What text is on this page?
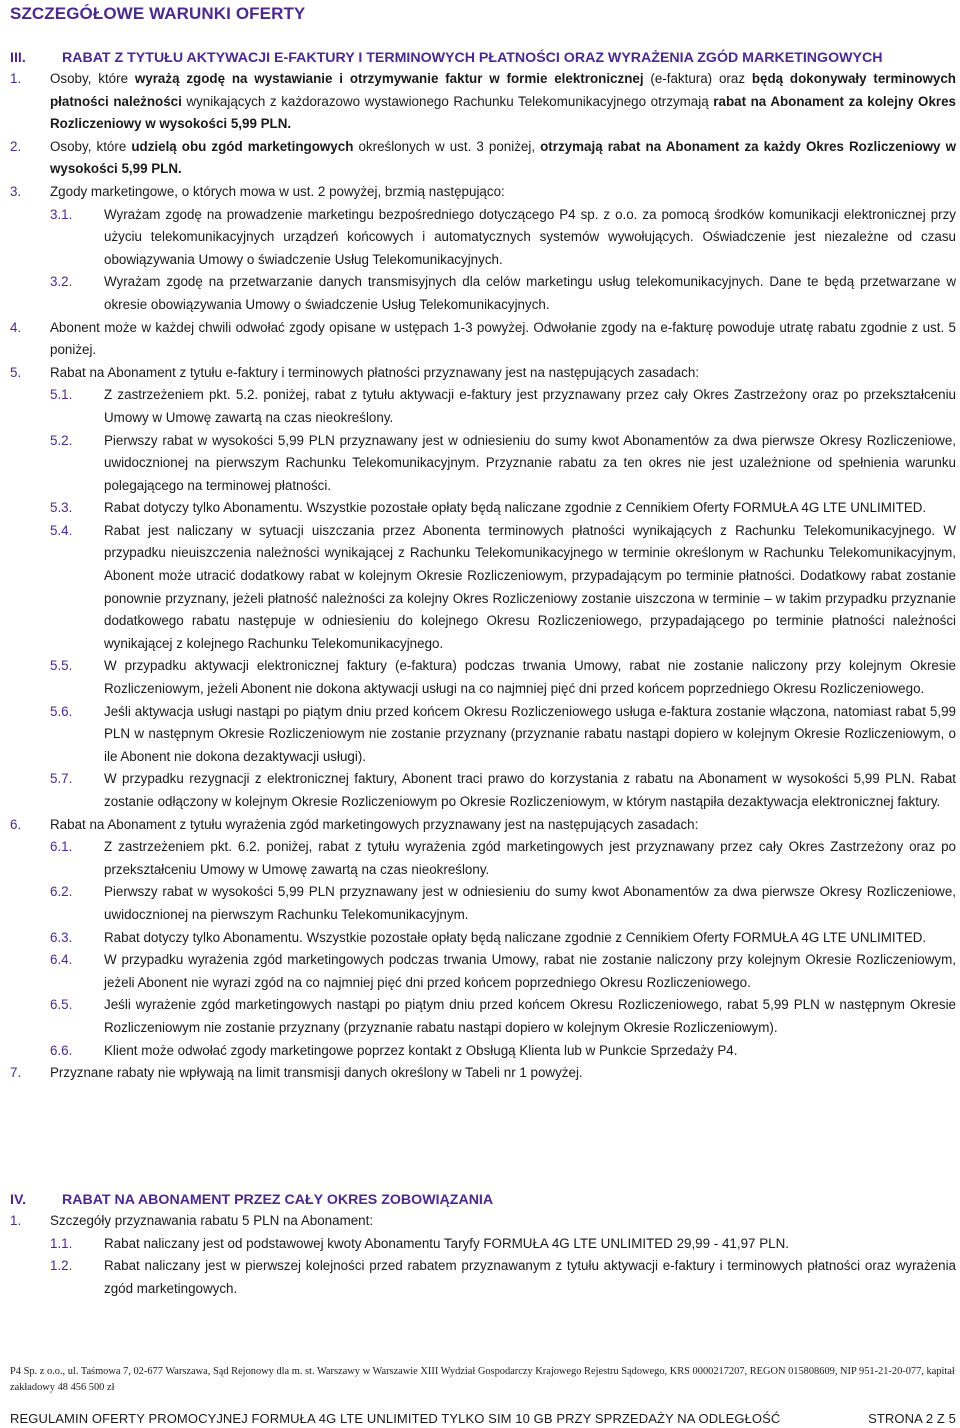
SZCZEGÓŁOWE WARUNKI OFERTY
III.	RABAT Z TYTUŁU AKTYWACJI E-FAKTURY I TERMINOWYCH PŁATNOŚCI ORAZ WYRAŻENIA ZGÓD MARKETINGOWYCH
1.	Osoby, które wyrażą zgodę na wystawianie i otrzymywanie faktur w formie elektronicznej (e-faktura) oraz będą dokonywały terminowych płatności należności wynikających z każdorazowo wystawionego Rachunku Telekomunikacyjnego otrzymają rabat na Abonament za kolejny Okres Rozliczeniowy w wysokości 5,99 PLN.
2.	Osoby, które udzielą obu zgód marketingowych określonych w ust. 3 poniżej, otrzymają rabat na Abonament za każdy Okres Rozliczeniowy w wysokości 5,99 PLN.
3.	Zgody marketingowe, o których mowa w ust. 2 powyżej, brzmią następująco:
3.1.	Wyrażam zgodę na prowadzenie marketingu bezpośredniego dotyczącego P4 sp. z o.o. za pomocą środków komunikacji elektronicznej przy użyciu telekomunikacyjnych urządzeń końcowych i automatycznych systemów wywołujących. Oświadczenie jest niezależne od czasu obowiązywania Umowy o świadczenie Usług Telekomunikacyjnych.
3.2.	Wyrażam zgodę na przetwarzanie danych transmisyjnych dla celów marketingu usług telekomunikacyjnych. Dane te będą przetwarzane w okresie obowiązywania Umowy o świadczenie Usług Telekomunikacyjnych.
4.	Abonent może w każdej chwili odwołać zgody opisane w ustępach 1-3 powyżej. Odwołanie zgody na e-fakturę powoduje utratę rabatu zgodnie z ust. 5 poniżej.
5.	Rabat na Abonament z tytułu e-faktury i terminowych płatności przyznawany jest na następujących zasadach:
5.1.	Z zastrzeżeniem pkt. 5.2. poniżej, rabat z tytułu aktywacji e-faktury jest przyznawany przez cały Okres Zastrzeżony oraz po przekształceniu Umowy w Umowę zawartą na czas nieokreślony.
5.2.	Pierwszy rabat w wysokości 5,99 PLN przyznawany jest w odniesieniu do sumy kwot Abonamentów za dwa pierwsze Okresy Rozliczeniowe, uwidocznionej na pierwszym Rachunku Telekomunikacyjnym. Przyznanie rabatu za ten okres nie jest uzależnione od spełnienia warunku polegającego na terminowej płatności.
5.3.	Rabat dotyczy tylko Abonamentu. Wszystkie pozostałe opłaty będą naliczane zgodnie z Cennikiem Oferty FORMUŁA 4G LTE UNLIMITED.
5.4.	Rabat jest naliczany w sytuacji uiszczania przez Abonenta terminowych płatności wynikających z Rachunku Telekomunikacyjnego. W przypadku nieuiszczenia należności wynikającej z Rachunku Telekomunikacyjnego w terminie określonym w Rachunku Telekomunikacyjnym, Abonent może utracić dodatkowy rabat w kolejnym Okresie Rozliczeniowym, przypadającym po terminie płatności. Dodatkowy rabat zostanie ponownie przyznany, jeżeli płatność należności za kolejny Okres Rozliczeniowy zostanie uiszczona w terminie – w takim przypadku przyznanie dodatkowego rabatu następuje w odniesieniu do kolejnego Okresu Rozliczeniowego, przypadającego po terminie płatności należności wynikającej z kolejnego Rachunku Telekomunikacyjnego.
5.5.	W przypadku aktywacji elektronicznej faktury (e-faktura) podczas trwania Umowy, rabat nie zostanie naliczony przy kolejnym Okresie Rozliczeniowym, jeżeli Abonent nie dokona aktywacji usługi na co najmniej pięć dni przed końcem poprzedniego Okresu Rozliczeniowego.
5.6.	Jeśli aktywacja usługi nastąpi po piątym dniu przed końcem Okresu Rozliczeniowego usługa e-faktura zostanie włączona, natomiast rabat 5,99 PLN w następnym Okresie Rozliczeniowym nie zostanie przyznany (przyznanie rabatu nastąpi dopiero w kolejnym Okresie Rozliczeniowym, o ile Abonent nie dokona dezaktywacji usługi).
5.7.	W przypadku rezygnacji z elektronicznej faktury, Abonent traci prawo do korzystania z rabatu na Abonament w wysokości 5,99 PLN. Rabat zostanie odłączony w kolejnym Okresie Rozliczeniowym po Okresie Rozliczeniowym, w którym nastąpiła dezaktywacja elektronicznej faktury.
6.	Rabat na Abonament z tytułu wyrażenia zgód marketingowych przyznawany jest na następujących zasadach:
6.1.	Z zastrzeżeniem pkt. 6.2. poniżej, rabat z tytułu wyrażenia zgód marketingowych jest przyznawany przez cały Okres Zastrzeżony oraz po przekształceniu Umowy w Umowę zawartą na czas nieokreślony.
6.2.	Pierwszy rabat w wysokości 5,99 PLN przyznawany jest w odniesieniu do sumy kwot Abonamentów za dwa pierwsze Okresy Rozliczeniowe, uwidocznionej na pierwszym Rachunku Telekomunikacyjnym.
6.3.	Rabat dotyczy tylko Abonamentu. Wszystkie pozostałe opłaty będą naliczane zgodnie z Cennikiem Oferty FORMUŁA 4G LTE UNLIMITED.
6.4.	W przypadku wyrażenia zgód marketingowych podczas trwania Umowy, rabat nie zostanie naliczony przy kolejnym Okresie Rozliczeniowym, jeżeli Abonent nie wyrazi zgód na co najmniej pięć dni przed końcem poprzedniego Okresu Rozliczeniowego.
6.5.	Jeśli wyrażenie zgód marketingowych nastąpi po piątym dniu przed końcem Okresu Rozliczeniowego, rabat 5,99 PLN w następnym Okresie Rozliczeniowym nie zostanie przyznany (przyznanie rabatu nastąpi dopiero w kolejnym Okresie Rozliczeniowym).
6.6.	Klient może odwołać zgody marketingowe poprzez kontakt z Obsługą Klienta lub w Punkcie Sprzedaży P4.
7.	Przyznane rabaty nie wpływają na limit transmisji danych określony w Tabeli nr 1 powyżej.
IV.	RABAT NA ABONAMENT PRZEZ CAŁY OKRES ZOBOWIĄZANIA
1.	Szczegóły przyznawania rabatu 5 PLN na Abonament:
1.1.	Rabat naliczany jest od podstawowej kwoty Abonamentu Taryfy FORMUŁA 4G LTE UNLIMITED 29,99 - 41,97 PLN.
1.2.	Rabat naliczany jest w pierwszej kolejności przed rabatem przyznawanym z tytułu aktywacji e-faktury i terminowych płatności oraz wyrażenia zgód marketingowych.
P4 Sp. z o.o., ul. Taśmowa 7, 02-677 Warszawa, Sąd Rejonowy dla m. st. Warszawy w Warszawie XIII Wydział Gospodarczy Krajowego Rejestru Sądowego, KRS 0000217207, REGON 015808609, NIP 951-21-20-077, kapitał zakładowy 48 456 500 zł
REGULAMIN OFERTY PROMOCYJNEJ FORMUŁA 4G LTE UNLIMITED TYLKO SIM 10 GB PRZY SPRZEDAŻY NA ODLEGŁOŚĆ	STRONA 2 Z 5
